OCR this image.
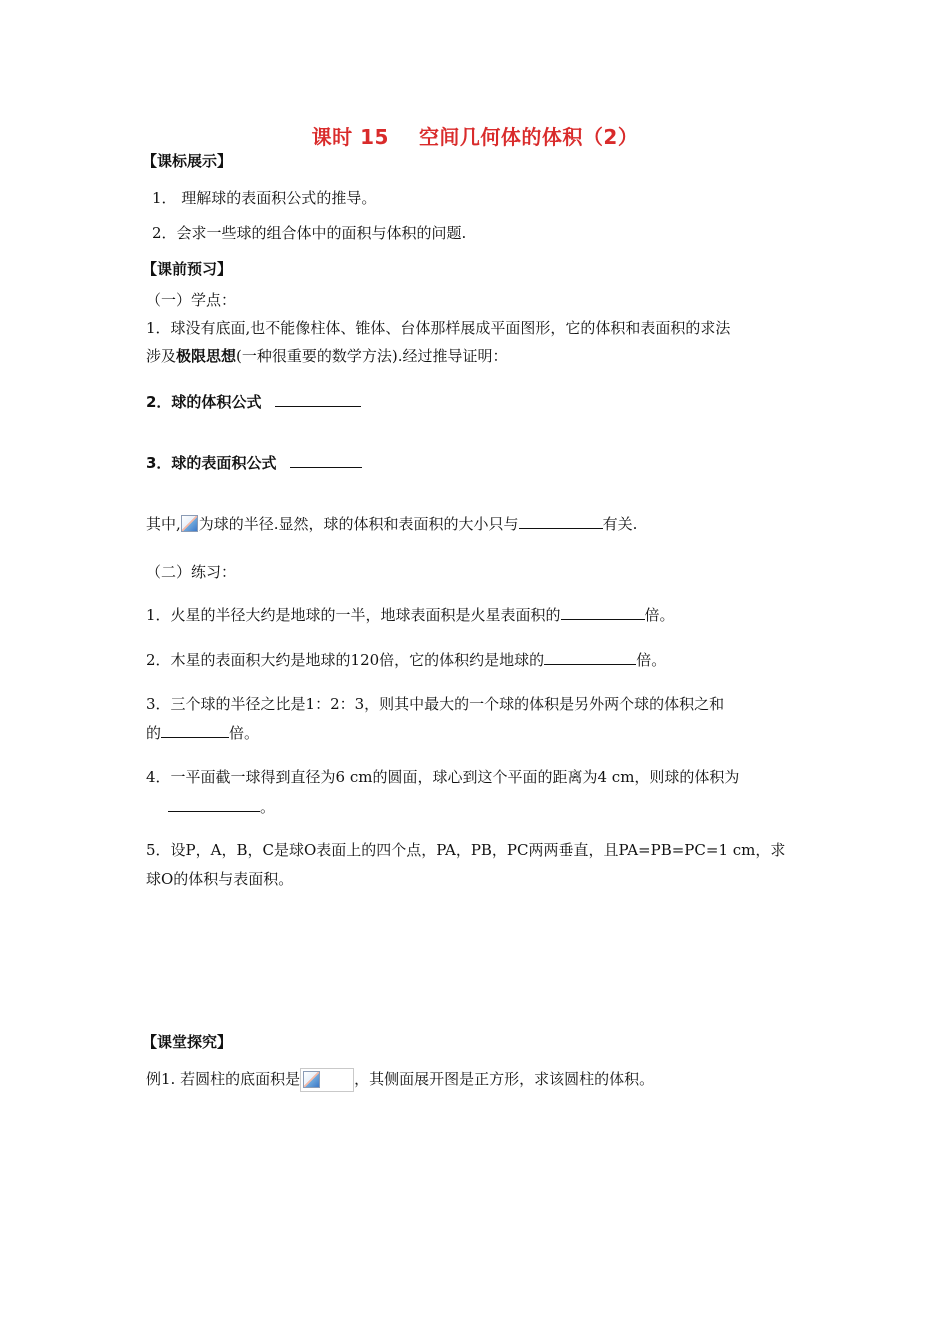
课时 15 空间几何体的体积（2）
【课标展示】
1． 理解球的表面积公式的推导。
2．会求一些球的组合体中的面积与体积的问题.
【课前预习】
（一）学点：
1．球没有底面,也不能像柱体、锥体、台体那样展成平面图形，它的体积和表面积的求法
涉及极限思想(一种很重要的数学方法).经过推导证明：
2．球的体积公式
3．球的表面积公式
其中, 为球的半径.显然，球的体积和表面积的大小只与	有关.
（二）练习：
1．火星的半径大约是地球的一半，地球表面积是火星表面积的	倍。
2．木星的表面积大约是地球的120倍，它的体积约是地球的	倍。
3．三个球的半径之比是1：2：3，则其中最大的一个球的体积是另外两个球的体积之和
的	倍。
4．一平面截一球得到直径为6 cm的圆面，球心到这个平面的距离为4 cm，则球的体积为
。
5．设P，A，B，C是球O表面上的四个点，PA，PB，PC两两垂直，且PA=PB=PC=1 cm，求
球O的体积与表面积。
【课堂探究】
例1. 若圆柱的底面积是	，其侧面展开图是正方形，求该圆柱的体积。
